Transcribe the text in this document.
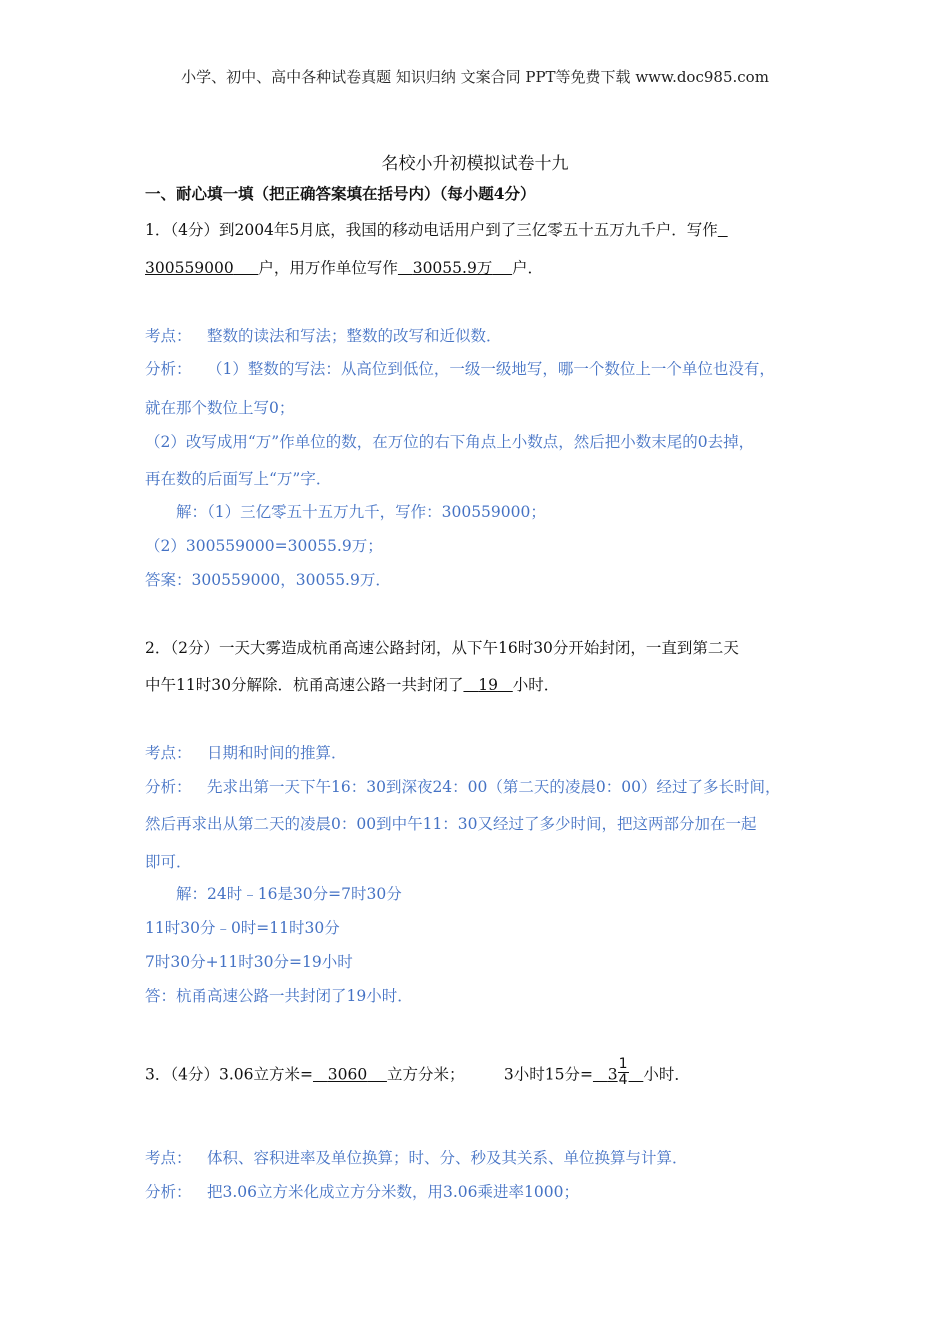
小学、初中、高中各种试卷真题 知识归纳 文案合同 PPT等免费下载 www.doc985.com
名校小升初模拟试卷十九
一、耐心填一填（把正确答案填在括号内）（每小题4分）
1．（4分）到2004年5月底，我国的移动电话用户到了三亿零五十五万九千户．写作
300559000 户，用万作单位写作 30055.9万 户．
考点： 整数的读法和写法；整数的改写和近似数．
分析： （1）整数的写法：从高位到低位，一级一级地写，哪一个数位上一个单位也没有，
就在那个数位上写0；
（2）改写成用“万”作单位的数，在万位的右下角点上小数点，然后把小数末尾的0去掉，
再在数的后面写上“万”字．
解：（1）三亿零五十五万九千，写作：300559000；
（2）300559000=30055.9万；
答案：300559000，30055.9万．
2．（2分）一天大雾造成杭甬高速公路封闭，从下午16时30分开始封闭，一直到第二天
中午11时30分解除．杭甬高速公路一共封闭了 19 小时．
考点： 日期和时间的推算．
分析： 先求出第一天下午16：30到深夜24：00（第二天的凌晨0：00）经过了多长时间，
然后再求出从第二天的凌晨0：00到中午11：30又经过了多少时间，把这两部分加在一起
即可．
解：24时﹣16是30分=7时30分
11时30分﹣0时=11时30分
7时30分+11时30分=19小时
答：杭甬高速公路一共封闭了19小时．
3．（4分）3.06立方米= 3060 立方分米；	3小时15分= $3 \frac{1}{4}$ 小时．
考点： 体积、容积进率及单位换算；时、分、秒及其关系、单位换算与计算．
分析： 把3.06立方米化成立方分米数，用3.06乘进率1000；
